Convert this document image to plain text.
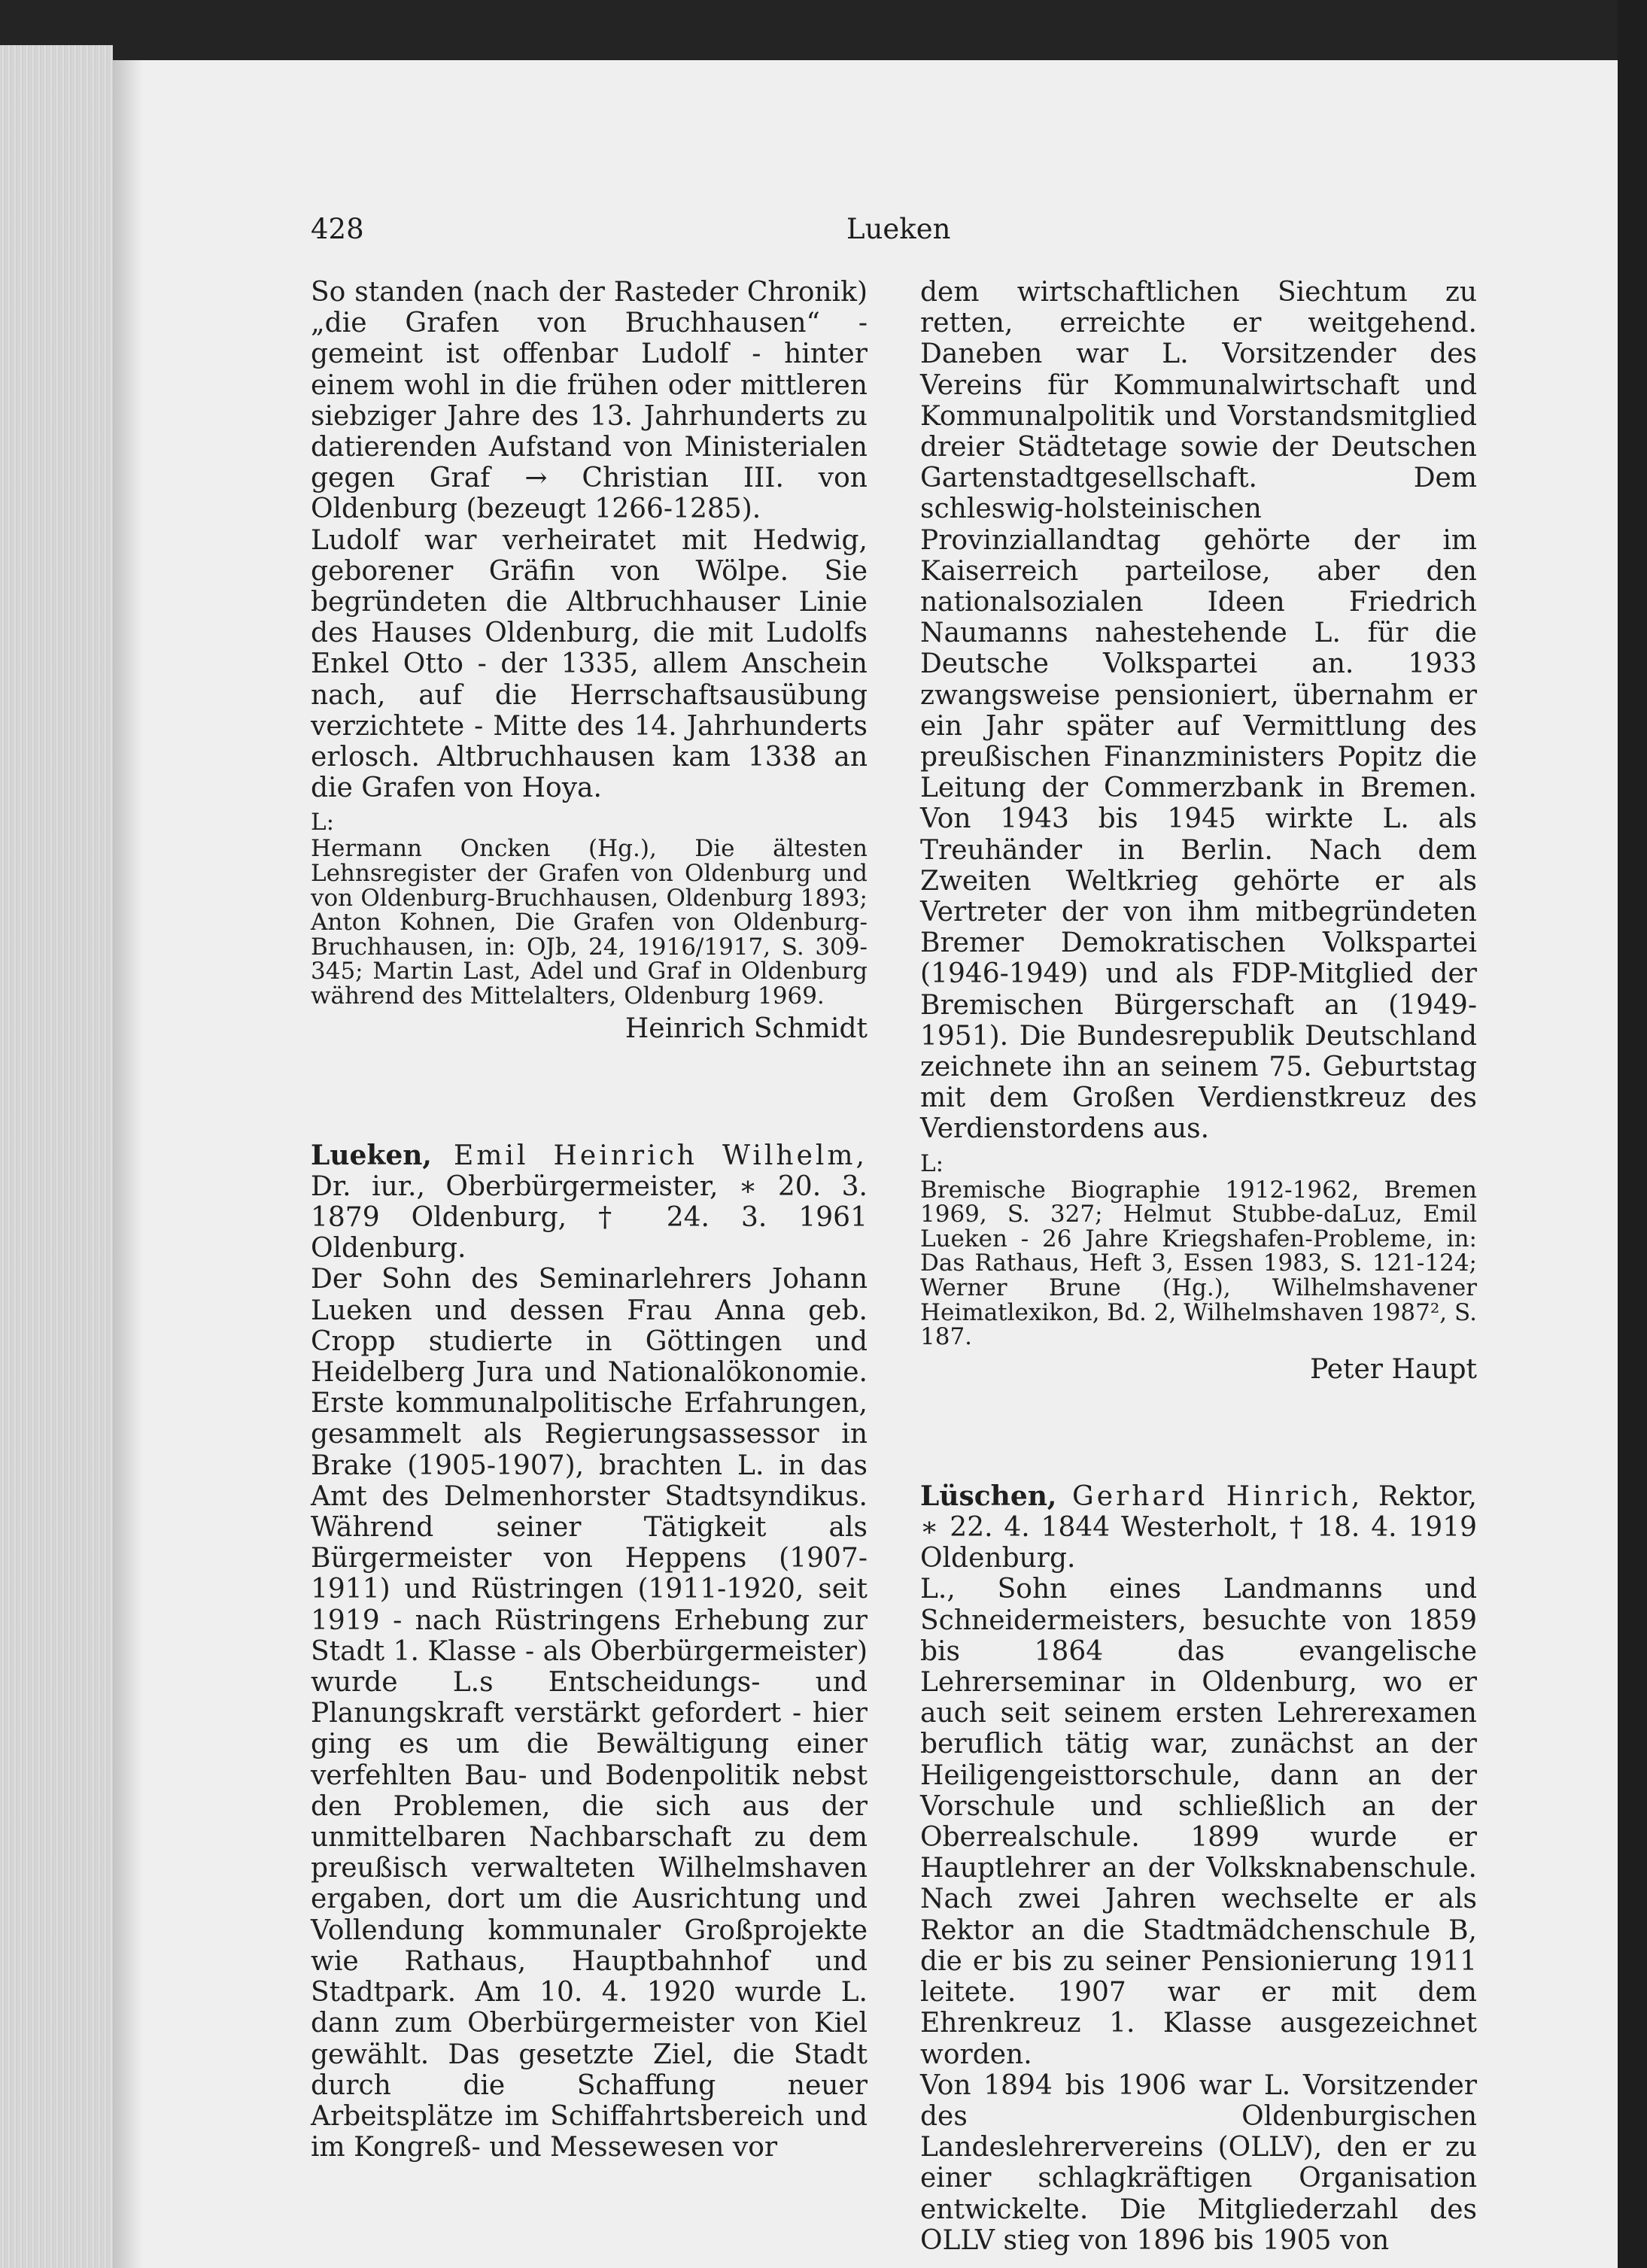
428	Lueken

So standen (nach der Rasteder Chronik) „die Grafen von Bruchhausen“ - gemeint ist offenbar Ludolf - hinter einem wohl in die frühen oder mittleren siebziger Jahre des 13. Jahrhunderts zu datierenden Aufstand von Ministerialen gegen Graf → Christian III. von Oldenburg (bezeugt 1266-1285).

Ludolf war verheiratet mit Hedwig, geborener Gräfin von Wölpe. Sie begründeten die Altbruchhauser Linie des Hauses Oldenburg, die mit Ludolfs Enkel Otto - der 1335, allem Anschein nach, auf die Herrschaftsausübung verzichtete - Mitte des 14. Jahrhunderts erlosch. Altbruchhausen kam 1338 an die Grafen von Hoya.

L:

Hermann Oncken (Hg.), Die ältesten Lehnsregister der Grafen von Oldenburg und von Oldenburg-Bruchhausen, Oldenburg 1893; Anton Kohnen, Die Grafen von Oldenburg-Bruchhausen, in: OJb, 24, 1916/1917, S. 309-345; Martin Last, Adel und Graf in Oldenburg während des Mittelalters, Oldenburg 1969.

Heinrich Schmidt

Lueken, Emil Heinrich Wilhelm, Dr. iur., Oberbürgermeister, ∗ 20. 3. 1879 Oldenburg, † 24. 3. 1961 Oldenburg.

Der Sohn des Seminarlehrers Johann Lueken und dessen Frau Anna geb. Cropp studierte in Göttingen und Heidelberg Jura und Nationalökonomie. Erste kommunalpolitische Erfahrungen, gesammelt als Regierungsassessor in Brake (1905-1907), brachten L. in das Amt des Delmenhorster Stadtsyndikus. Während seiner Tätigkeit als Bürgermeister von Heppens (1907-1911) und Rüstringen (1911-1920, seit 1919 - nach Rüstringens Erhebung zur Stadt 1. Klasse - als Oberbürgermeister) wurde L.s Entscheidungs- und Planungskraft verstärkt gefordert - hier ging es um die Bewältigung einer verfehlten Bau- und Bodenpolitik nebst den Problemen, die sich aus der unmittelbaren Nachbarschaft zu dem preußisch verwalteten Wilhelmshaven ergaben, dort um die Ausrichtung und Vollendung kommunaler Großprojekte wie Rathaus, Hauptbahnhof und Stadtpark. Am 10. 4. 1920 wurde L. dann zum Oberbürgermeister von Kiel gewählt. Das gesetzte Ziel, die Stadt durch die Schaffung neuer Arbeitsplätze im Schiffahrtsbereich und im Kongreß- und Messewesen vor

dem wirtschaftlichen Siechtum zu retten, erreichte er weitgehend. Daneben war L. Vorsitzender des Vereins für Kommunalwirtschaft und Kommunalpolitik und Vorstandsmitglied dreier Städtetage sowie der Deutschen Gartenstadtgesellschaft. Dem schleswig-holsteinischen Provinziallandtag gehörte der im Kaiserreich parteilose, aber den nationalsozialen Ideen Friedrich Naumanns nahestehende L. für die Deutsche Volkspartei an. 1933 zwangsweise pensioniert, übernahm er ein Jahr später auf Vermittlung des preußischen Finanzministers Popitz die Leitung der Commerzbank in Bremen. Von 1943 bis 1945 wirkte L. als Treuhänder in Berlin. Nach dem Zweiten Weltkrieg gehörte er als Vertreter der von ihm mitbegründeten Bremer Demokratischen Volkspartei (1946-1949) und als FDP-Mitglied der Bremischen Bürgerschaft an (1949-1951). Die Bundesrepublik Deutschland zeichnete ihn an seinem 75. Geburtstag mit dem Großen Verdienstkreuz des Verdienstordens aus.

L:

Bremische Biographie 1912-1962, Bremen 1969, S. 327; Helmut Stubbe-daLuz, Emil Lueken - 26 Jahre Kriegshafen-Probleme, in: Das Rathaus, Heft 3, Essen 1983, S. 121-124; Werner Brune (Hg.), Wilhelmshavener Heimatlexikon, Bd. 2, Wilhelmshaven 1987², S. 187.

Peter Haupt

Lüschen, Gerhard Hinrich, Rektor, ∗ 22. 4. 1844 Westerholt, † 18. 4. 1919 Oldenburg.

L., Sohn eines Landmanns und Schneidermeisters, besuchte von 1859 bis 1864 das evangelische Lehrerseminar in Oldenburg, wo er auch seit seinem ersten Lehrerexamen beruflich tätig war, zunächst an der Heiligengeisttorschule, dann an der Vorschule und schließlich an der Oberrealschule. 1899 wurde er Hauptlehrer an der Volksknabenschule. Nach zwei Jahren wechselte er als Rektor an die Stadtmädchenschule B, die er bis zu seiner Pensionierung 1911 leitete. 1907 war er mit dem Ehrenkreuz 1. Klasse ausgezeichnet worden.

Von 1894 bis 1906 war L. Vorsitzender des Oldenburgischen Landeslehrervereins (OLLV), den er zu einer schlagkräftigen Organisation entwickelte. Die Mitgliederzahl des OLLV stieg von 1896 bis 1905 von
